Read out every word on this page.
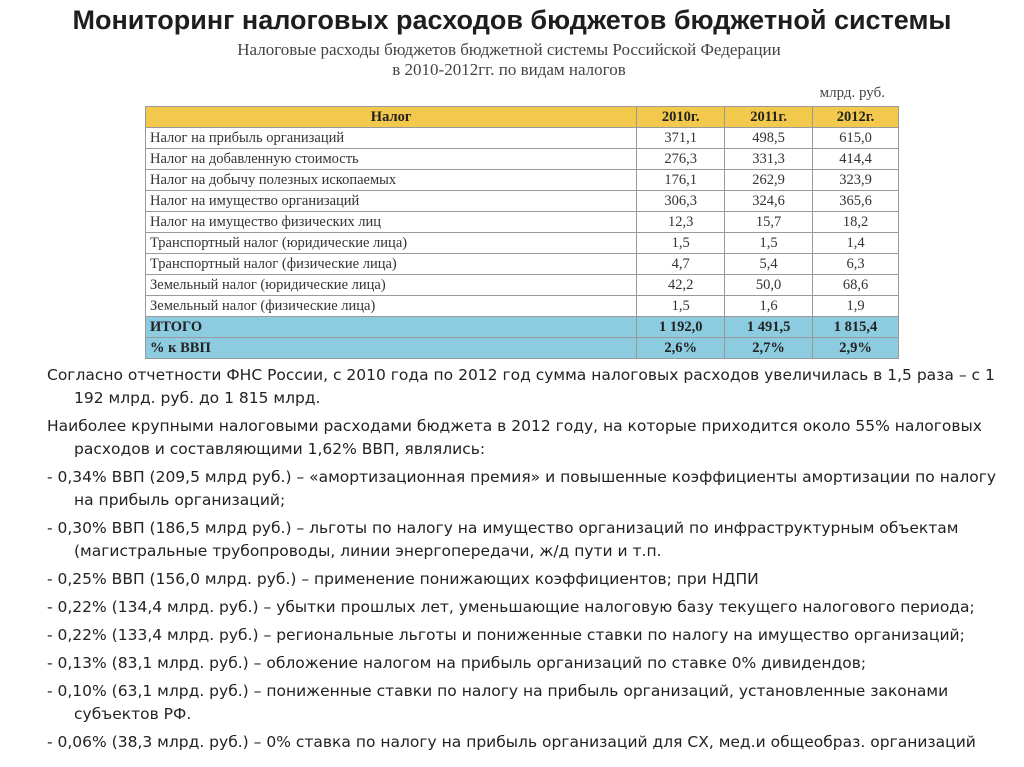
Мониторинг налоговых расходов бюджетов бюджетной системы
Налоговые расходы бюджетов бюджетной системы Российской Федерации
в 2010-2012гг. по видам налогов
млрд. руб.
Налог	2010г.	2011г.	2012г.
Налог на прибыль организаций	371,1	498,5	615,0
Налог на добавленную стоимость	276,3	331,3	414,4
Налог на добычу полезных ископаемых	176,1	262,9	323,9
Налог на имущество организаций	306,3	324,6	365,6
Налог на имущество физических лиц	12,3	15,7	18,2
Транспортный налог (юридические лица)	1,5	1,5	1,4
Транспортный налог (физические лица)	4,7	5,4	6,3
Земельный налог (юридические лица)	42,2	50,0	68,6
Земельный налог (физические лица)	1,5	1,6	1,9
ИТОГО	1 192,0	1 491,5	1 815,4
% к ВВП	2,6%	2,7%	2,9%

Согласно отчетности ФНС России, с 2010 года по 2012 год сумма налоговых расходов увеличилась в 1,5 раза – с 1 192 млрд. руб. до 1 815 млрд.

Наиболее крупными налоговыми расходами бюджета в 2012 году, на которые приходится около 55% налоговых расходов и составляющими 1,62% ВВП, являлись:

- 0,34% ВВП (209,5 млрд руб.) – «амортизационная премия» и повышенные коэффициенты амортизации по налогу на прибыль организаций;

- 0,30% ВВП (186,5 млрд руб.) – льготы по налогу на имущество организаций по инфраструктурным объектам (магистральные трубопроводы, линии энергопередачи, ж/д пути и т.п.

- 0,25% ВВП (156,0 млрд. руб.) – применение понижающих коэффициентов; при НДПИ

- 0,22% (134,4 млрд. руб.) – убытки прошлых лет, уменьшающие налоговую базу текущего налогового периода;

- 0,22% (133,4 млрд. руб.) – региональные льготы и пониженные ставки по налогу на имущество организаций;

- 0,13% (83,1 млрд. руб.) – обложение налогом на прибыль организаций по ставке 0% дивидендов;

- 0,10% (63,1 млрд. руб.) – пониженные ставки по налогу на прибыль организаций, установленные законами субъектов РФ.

- 0,06% (38,3 млрд. руб.) – 0% ставка по налогу на прибыль организаций для СХ, мед.и общеобраз. организаций
